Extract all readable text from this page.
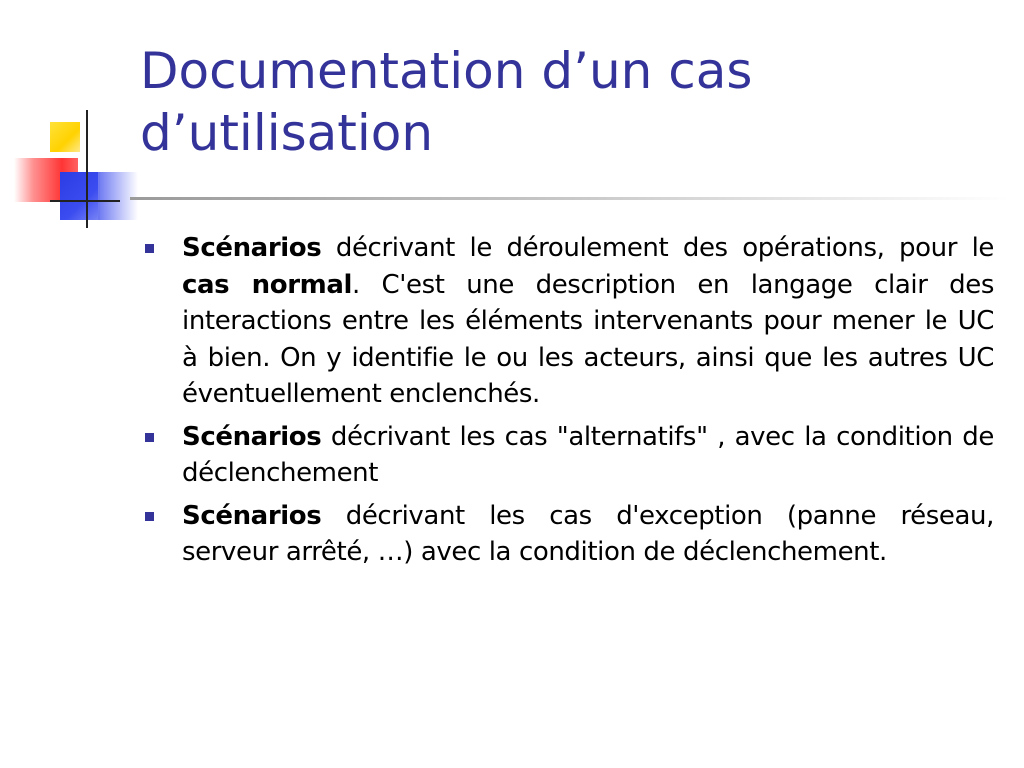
Documentation d’un cas
d’utilisation

Scénarios décrivant le déroulement des opérations, pour le cas normal. C'est une description en langage clair des interactions entre les éléments intervenants pour mener le UC à bien. On y identifie le ou les acteurs, ainsi que les autres UC éventuellement enclenchés.

Scénarios décrivant les cas "alternatifs" , avec la condition de déclenchement

Scénarios décrivant les cas d'exception (panne réseau, serveur arrêté, …) avec la condition de déclenchement.
